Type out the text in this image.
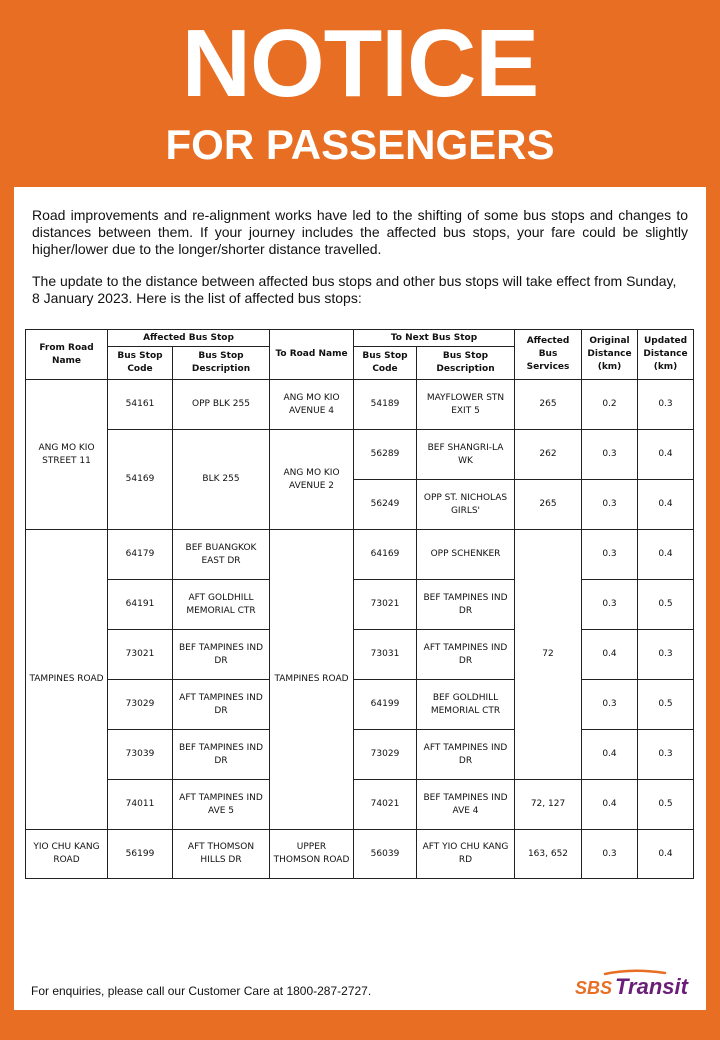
NOTICE
FOR PASSENGERS

Road improvements and re-alignment works have led to the shifting of some bus stops and changes to distances between them. If your journey includes the affected bus stops, your fare could be slightly higher/lower due to the longer/shorter distance travelled.

The update to the distance between affected bus stops and other bus stops will take effect from Sunday, 8 January 2023. Here is the list of affected bus stops:

From Road Name	Affected Bus Stop		To Road Name	To Next Bus Stop		Affected Bus Services	Original Distance (km)	Updated Distance (km)
	Bus Stop Code	Bus Stop Description		Bus Stop Code	Bus Stop Description			
ANG MO KIO STREET 11	54161	OPP BLK 255	ANG MO KIO AVENUE 4	54189	MAYFLOWER STN EXIT 5	265	0.2	0.3
	54169	BLK 255	ANG MO KIO AVENUE 2	56289	BEF SHANGRI-LA WK	262	0.3	0.4
				56249	OPP ST. NICHOLAS GIRLS'	265	0.3	0.4
TAMPINES ROAD	64179	BEF BUANGKOK EAST DR	TAMPINES ROAD	64169	OPP SCHENKER	72	0.3	0.4
	64191	AFT GOLDHILL MEMORIAL CTR		73021	BEF TAMPINES IND DR		0.3	0.5
	73021	BEF TAMPINES IND DR		73031	AFT TAMPINES IND DR		0.4	0.3
	73029	AFT TAMPINES IND DR		64199	BEF GOLDHILL MEMORIAL CTR		0.3	0.5
	73039	BEF TAMPINES IND DR		73029	AFT TAMPINES IND DR		0.4	0.3
	74011	AFT TAMPINES IND AVE 5		74021	BEF TAMPINES IND AVE 4	72, 127	0.4	0.5
YIO CHU KANG ROAD	56199	AFT THOMSON HILLS DR	UPPER THOMSON ROAD	56039	AFT YIO CHU KANG RD	163, 652	0.3	0.4
For enquiries, please call our Customer Care at 1800-287-2727.	SBS Transit
